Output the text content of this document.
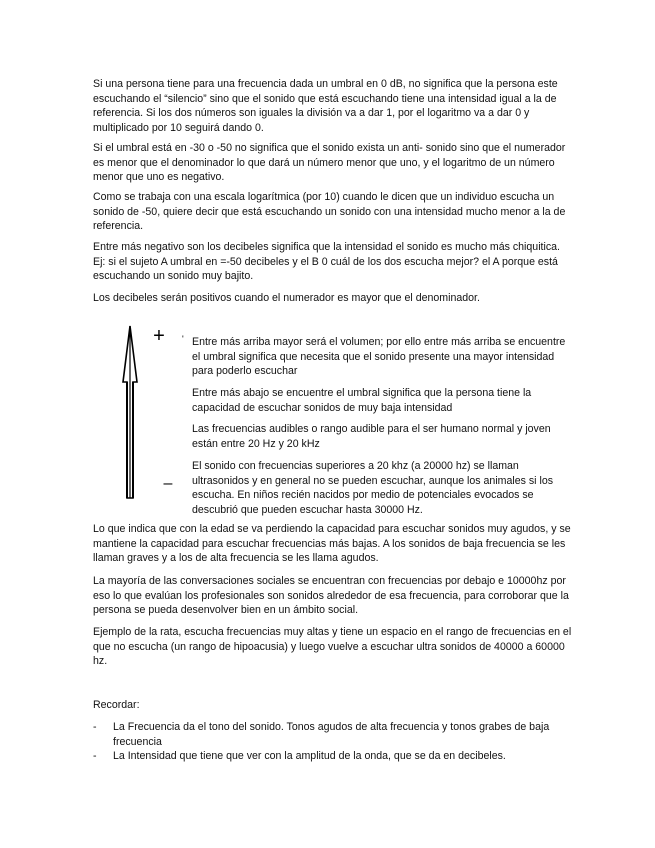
Si una persona tiene para una frecuencia dada un umbral en 0 dB, no significa que la persona este escuchando el “silencio” sino que el sonido que está escuchando tiene una intensidad igual a la de referencia. Si los dos números son iguales la división va a dar 1, por el logaritmo va a dar 0 y multiplicado por 10 seguirá dando 0.

Si el umbral está en -30 o -50 no significa que el sonido exista un anti- sonido sino que el numerador es menor que el denominador lo que dará un número menor que uno, y el logaritmo de un número menor que uno es negativo.

Como se trabaja con una escala logarítmica (por 10) cuando le dicen que un individuo escucha un sonido de -50, quiere decir que está escuchando un sonido con una intensidad mucho menor a la de referencia.

Entre más negativo son los decibeles significa que la intensidad el sonido es mucho más chiquitica. Ej: si el sujeto A umbral en =-50 decibeles y el B 0 cuál de los dos escucha mejor? el A porque está escuchando un sonido muy bajito.

Los decibeles serán positivos cuando el numerador es mayor que el denominador.

+ '
–

Entre más arriba mayor será el volumen; por ello entre más arriba se encuentre el umbral significa que necesita que el sonido presente una mayor intensidad para poderlo escuchar

Entre más abajo se encuentre el umbral significa que la persona tiene la capacidad de escuchar sonidos de muy baja intensidad

Las frecuencias audibles o rango audible para el ser humano normal y joven están entre 20 Hz y 20 kHz

El sonido con frecuencias superiores a 20 khz (a 20000 hz) se llaman ultrasonidos y en general no se pueden escuchar, aunque los animales si los escucha. En niños recién nacidos por medio de potenciales evocados se descubrió que pueden escuchar hasta 30000 Hz.

Lo que indica que con la edad se va perdiendo la capacidad para escuchar sonidos muy agudos, y se mantiene la capacidad para escuchar frecuencias más bajas. A los sonidos de baja frecuencia se les llaman graves y a los de alta frecuencia se les llama agudos.

La mayoría de las conversaciones sociales se encuentran con frecuencias por debajo e 10000hz por eso lo que evalúan los profesionales son sonidos alrededor de esa frecuencia, para corroborar que la persona se pueda desenvolver bien en un ámbito social.

Ejemplo de la rata, escucha frecuencias muy altas y tiene un espacio en el rango de frecuencias en el que no escucha (un rango de hipoacusia) y luego vuelve a escuchar ultra sonidos de 40000 a 60000 hz.

Recordar:

- La Frecuencia da el tono del sonido. Tonos agudos de alta frecuencia y tonos grabes de baja frecuencia
- La Intensidad que tiene que ver con la amplitud de la onda, que se da en decibeles.
